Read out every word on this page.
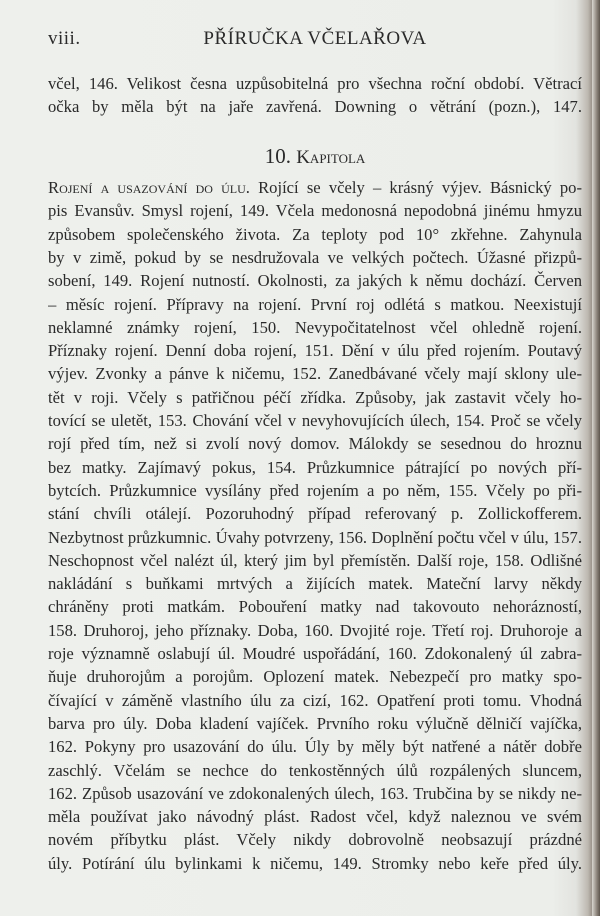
viii.	PŘÍRUČKA VČELAŘOVA
včel, 146. Velikost česna uzpůsobitelná pro všechna roční období. Větrací
očka by měla být na jaře zavřená. Downing o větrání (pozn.), 147.
10. Kapitola
Rojení a usazování do úlu. Rojící se včely – krásný výjev. Básnický po-
pis Evansův. Smysl rojení, 149. Včela medonosná nepodobná jinému hmyzu
způsobem společenského života. Za teploty pod 10° zkřehne. Zahynula
by v zimě, pokud by se nesdružovala ve velkých počtech. Úžasné přizpů-
sobení, 149. Rojení nutností. Okolnosti, za jakých k němu dochází. Červen
– měsíc rojení. Přípravy na rojení. První roj odlétá s matkou. Neexistují
neklamné známky rojení, 150. Nevypočitatelnost včel ohledně rojení.
Příznaky rojení. Denní doba rojení, 151. Dění v úlu před rojením. Poutavý
výjev. Zvonky a pánve k ničemu, 152. Zanedbávané včely mají sklony ule-
tět v roji. Včely s patřičnou péčí zřídka. Způsoby, jak zastavit včely ho-
tovící se uletět, 153. Chování včel v nevyhovujících úlech, 154. Proč se včely
rojí před tím, než si zvolí nový domov. Málokdy se sesednou do hroznu
bez matky. Zajímavý pokus, 154. Průzkumnice pátrající po nových pří-
bytcích. Průzkumnice vysílány před rojením a po něm, 155. Včely po při-
stání chvíli otálejí. Pozoruhodný případ referovaný p. Zollickofferem.
Nezbytnost průzkumnic. Úvahy potvrzeny, 156. Doplnění počtu včel v úlu, 157.
Neschopnost včel nalézt úl, který jim byl přemístěn. Další roje, 158. Odlišné
nakládání s buňkami mrtvých a žijících matek. Mateční larvy někdy
chráněny proti matkám. Pobouření matky nad takovouto nehorázností,
158. Druhoroj, jeho příznaky. Doba, 160. Dvojité roje. Třetí roj. Druhoroje a
roje významně oslabují úl. Moudré uspořádání, 160. Zdokonalený úl zabra-
ňuje druhorojům a porojům. Oplození matek. Nebezpečí pro matky spo-
čívající v záměně vlastního úlu za cizí, 162. Opatření proti tomu. Vhodná
barva pro úly. Doba kladení vajíček. Prvního roku výlučně dělničí vajíčka,
162. Pokyny pro usazování do úlu. Úly by měly být natřené a nátěr dobře
zaschlý. Včelám se nechce do tenkostěnných úlů rozpálených sluncem,
162. Způsob usazování ve zdokonalených úlech, 163. Trubčina by se nikdy ne-
měla používat jako návodný plást. Radost včel, když naleznou ve svém
novém příbytku plást. Včely nikdy dobrovolně neobsazují prázdné
úly. Potírání úlu bylinkami k ničemu, 149. Stromky nebo keře před úly.
